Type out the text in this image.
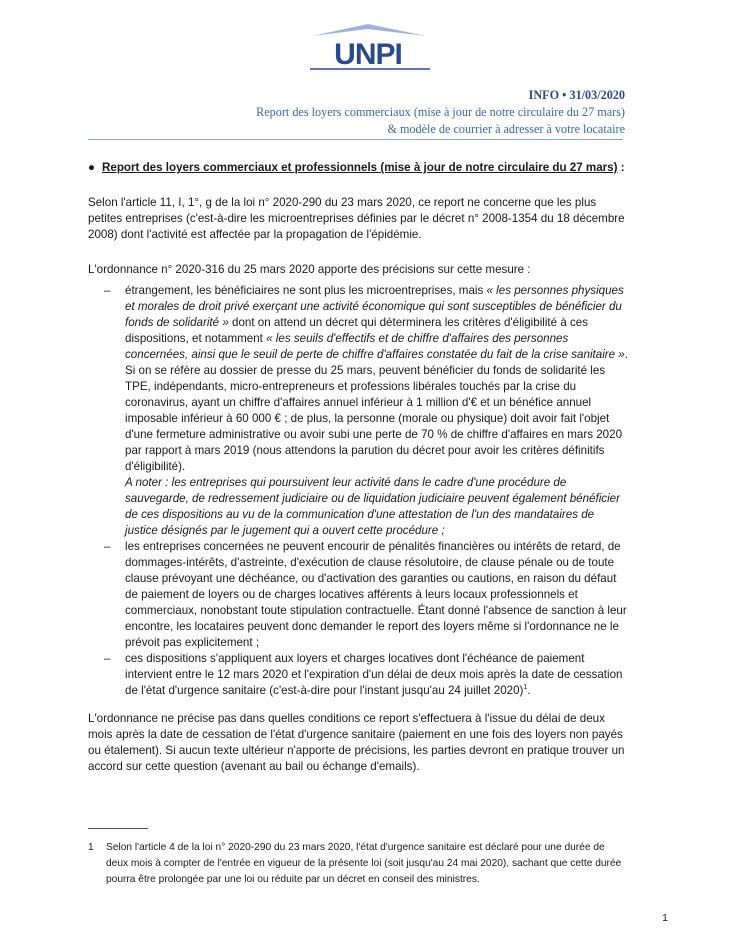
UNPI
INFO • 31/03/2020
Report des loyers commerciaux (mise à jour de notre circulaire du 27 mars)
& modèle de courrier à adresser à votre locataire
● Report des loyers commerciaux et professionnels (mise à jour de notre circulaire du 27 mars) :

Selon l'article 11, I, 1°, g de la loi n° 2020-290 du 23 mars 2020, ce report ne concerne que les plus petites entreprises (c'est-à-dire les microentreprises définies par le décret n° 2008-1354 du 18 décembre 2008) dont l'activité est affectée par la propagation de l'épidémie.

L'ordonnance n° 2020-316 du 25 mars 2020 apporte des précisions sur cette mesure :

– étrangement, les bénéficiaires ne sont plus les microentreprises, mais « les personnes physiques et morales de droit privé exerçant une activité économique qui sont susceptibles de bénéficier du fonds de solidarité » dont on attend un décret qui déterminera les critères d'éligibilité à ces dispositions, et notamment « les seuils d'effectifs et de chiffre d'affaires des personnes concernées, ainsi que le seuil de perte de chiffre d'affaires constatée du fait de la crise sanitaire ». Si on se réfère au dossier de presse du 25 mars, peuvent bénéficier du fonds de solidarité les TPE, indépendants, micro-entrepreneurs et professions libérales touchés par la crise du coronavirus, ayant un chiffre d'affaires annuel inférieur à 1 million d'€ et un bénéfice annuel imposable inférieur à 60 000 € ; de plus, la personne (morale ou physique) doit avoir fait l'objet d'une fermeture administrative ou avoir subi une perte de 70 % de chiffre d'affaires en mars 2020 par rapport à mars 2019 (nous attendons la parution du décret pour avoir les critères définitifs d'éligibilité).
A noter : les entreprises qui poursuivent leur activité dans le cadre d'une procédure de sauvegarde, de redressement judiciaire ou de liquidation judiciaire peuvent également bénéficier de ces dispositions au vu de la communication d'une attestation de l'un des mandataires de justice désignés par le jugement qui a ouvert cette procédure ;
– les entreprises concernées ne peuvent encourir de pénalités financières ou intérêts de retard, de dommages-intérêts, d'astreinte, d'exécution de clause résolutoire, de clause pénale ou de toute clause prévoyant une déchéance, ou d'activation des garanties ou cautions, en raison du défaut de paiement de loyers ou de charges locatives afférents à leurs locaux professionnels et commerciaux, nonobstant toute stipulation contractuelle. Étant donné l'absence de sanction à leur encontre, les locataires peuvent donc demander le report des loyers même si l'ordonnance ne le prévoit pas explicitement ;
– ces dispositions s'appliquent aux loyers et charges locatives dont l'échéance de paiement intervient entre le 12 mars 2020 et l'expiration d'un délai de deux mois après la date de cessation de l'état d'urgence sanitaire (c'est-à-dire pour l'instant jusqu'au 24 juillet 2020)$^1$.

L'ordonnance ne précise pas dans quelles conditions ce report s'effectuera à l'issue du délai de deux mois après la date de cessation de l'état d'urgence sanitaire (paiement en une fois des loyers non payés ou étalement). Si aucun texte ultérieur n'apporte de précisions, les parties devront en pratique trouver un accord sur cette question (avenant au bail ou échange d'emails).

1	Selon l'article 4 de la loi n° 2020-290 du 23 mars 2020, l'état d'urgence sanitaire est déclaré pour une durée de deux mois à compter de l'entrée en vigueur de la présente loi (soit jusqu'au 24 mai 2020), sachant que cette durée pourra être prolongée par une loi ou réduite par un décret en conseil des ministres.
1
